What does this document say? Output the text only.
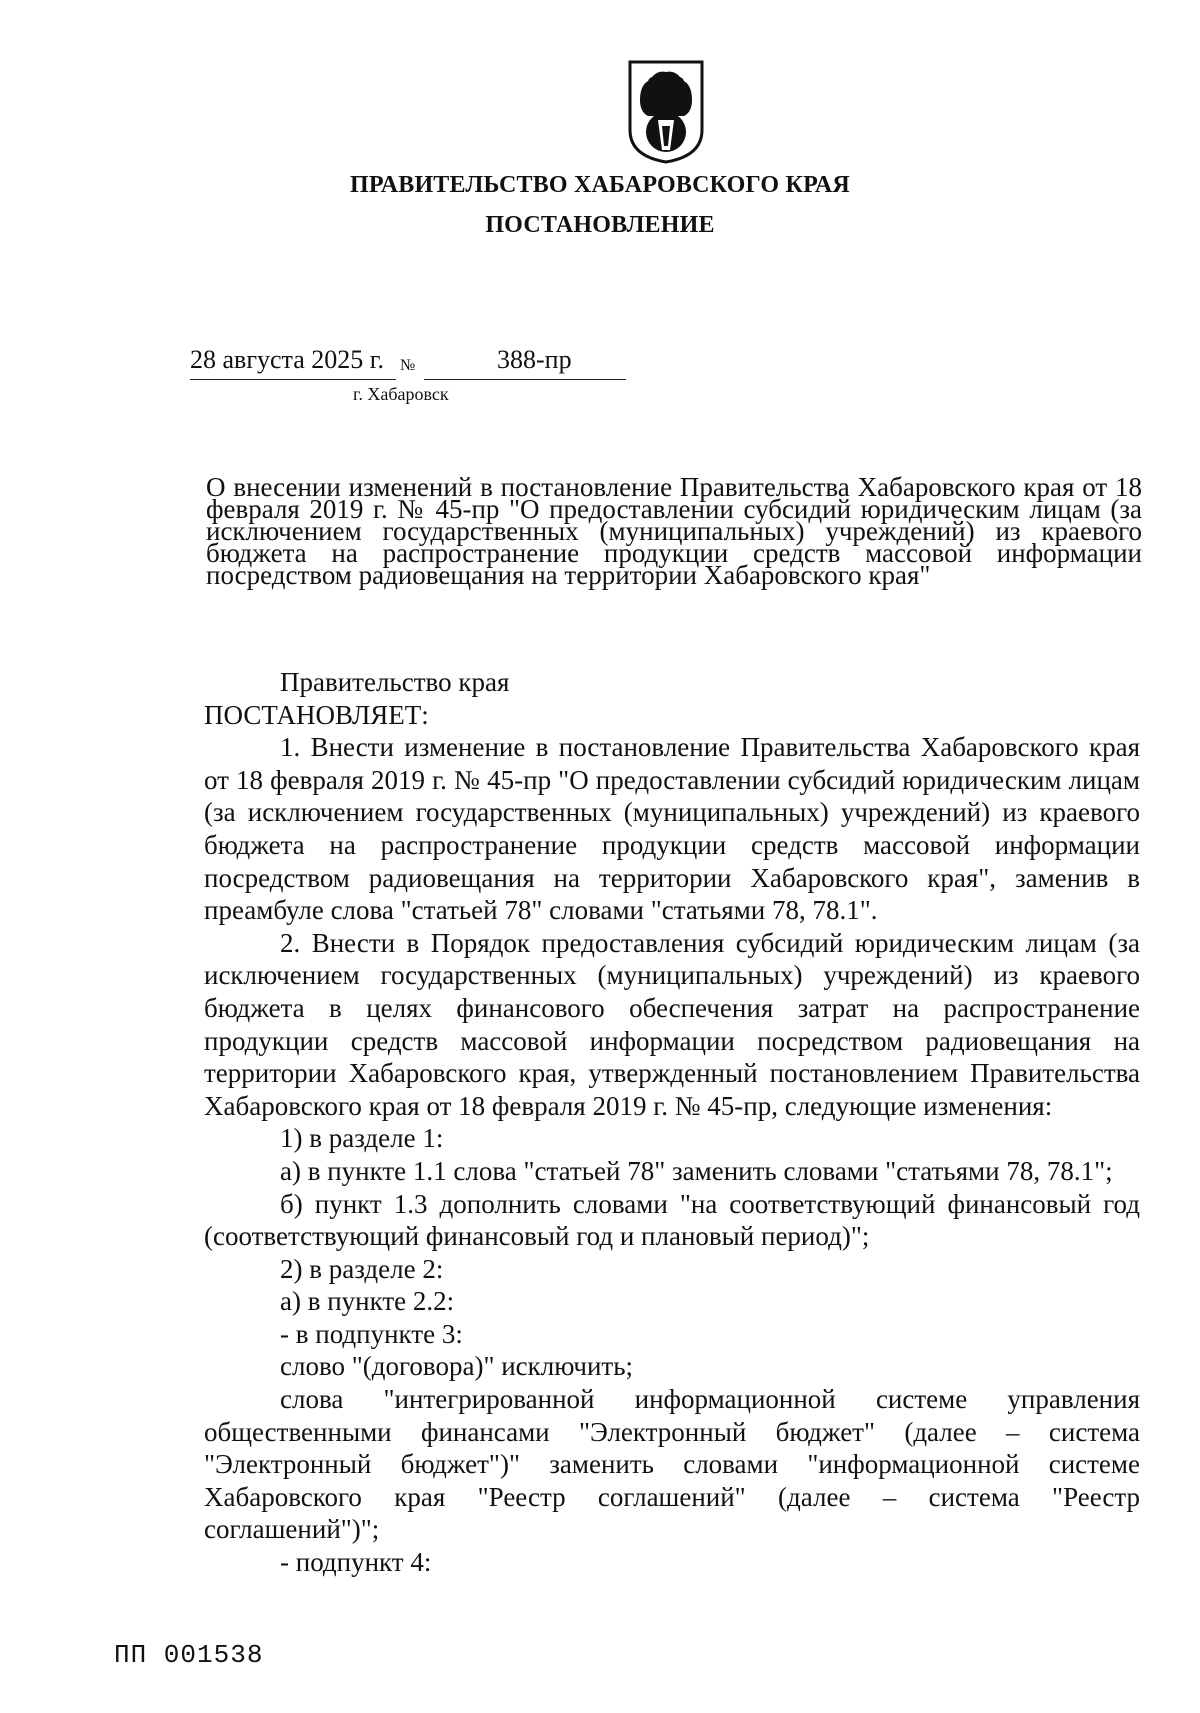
ПРАВИТЕЛЬСТВО ХАБАРОВСКОГО КРАЯ
ПОСТАНОВЛЕНИЕ
28 августа 2025 г. №	388-пр
г. Хабаровск
О внесении изменений в постановление Правительства Хабаровского края от 18 февраля 2019 г. № 45-пр "О предоставлении субсидий юридическим лицам (за исключением государственных (муниципальных) учреждений) из краевого бюджета на распространение продукции средств массовой информации посредством радиовещания на территории Хабаровского края"

Правительство края

ПОСТАНОВЛЯЕТ:

1. Внести изменение в постановление Правительства Хабаровского края от 18 февраля 2019 г. № 45-пр "О предоставлении субсидий юридическим лицам (за исключением государственных (муниципальных) учреждений) из краевого бюджета на распространение продукции средств массовой информации посредством радиовещания на территории Хабаровского края", заменив в преамбуле слова "статьей 78" словами "статьями 78, 78.1".

2. Внести в Порядок предоставления субсидий юридическим лицам (за исключением государственных (муниципальных) учреждений) из краевого бюджета в целях финансового обеспечения затрат на распространение продукции средств массовой информации посредством радиовещания на территории Хабаровского края, утвержденный постановлением Правительства Хабаровского края от 18 февраля 2019 г. № 45-пр, следующие изменения:

1) в разделе 1:

а) в пункте 1.1 слова "статьей 78" заменить словами "статьями 78, 78.1";

б) пункт 1.3 дополнить словами "на соответствующий финансовый год (соответствующий финансовый год и плановый период)";

2) в разделе 2:

а) в пункте 2.2:

- в подпункте 3:

слово "(договора)" исключить;

слова "интегрированной информационной системе управления общественными финансами "Электронный бюджет" (далее – система "Электронный бюджет")" заменить словами "информационной системе Хабаровского края "Реестр соглашений" (далее – система "Реестр соглашений")";

- подпункт 4:

ПП 001538
